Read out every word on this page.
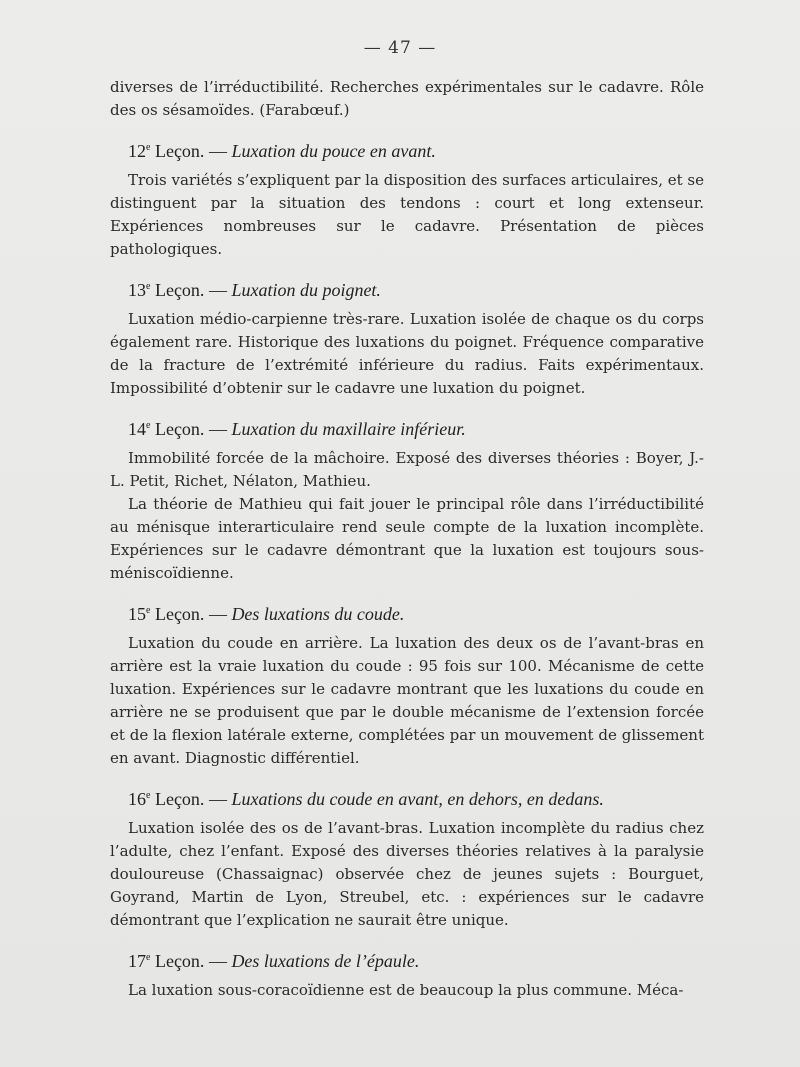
— 47 —

diverses de l’irréductibilité. Recherches expérimentales sur le cadavre. Rôle des os sésamoïdes. (Farabœuf.)

12e Leçon. — Luxation du pouce en avant.

Trois variétés s’expliquent par la disposition des surfaces articulaires, et se distinguent par la situation des tendons : court et long extenseur. Expériences nombreuses sur le cadavre. Présentation de pièces pathologiques.

13e Leçon. — Luxation du poignet.

Luxation médio-carpienne très-rare. Luxation isolée de chaque os du corps également rare. Historique des luxations du poignet. Fréquence comparative de la fracture de l’extrémité inférieure du radius. Faits expérimentaux. Impossibilité d’obtenir sur le cadavre une luxation du poignet.

14e Leçon. — Luxation du maxillaire inférieur.

Immobilité forcée de la mâchoire. Exposé des diverses théories : Boyer, J.-L. Petit, Richet, Nélaton, Mathieu.

La théorie de Mathieu qui fait jouer le principal rôle dans l’irréductibilité au ménisque interarticulaire rend seule compte de la luxation incomplète. Expériences sur le cadavre démontrant que la luxation est toujours sous-méniscoïdienne.

15e Leçon. — Des luxations du coude.

Luxation du coude en arrière. La luxation des deux os de l’avant-bras en arrière est la vraie luxation du coude : 95 fois sur 100. Mécanisme de cette luxation. Expériences sur le cadavre montrant que les luxations du coude en arrière ne se produisent que par le double mécanisme de l’extension forcée et de la flexion latérale externe, complétées par un mouvement de glissement en avant. Diagnostic différentiel.

16e Leçon. — Luxations du coude en avant, en dehors, en dedans.

Luxation isolée des os de l’avant-bras. Luxation incomplète du radius chez l’adulte, chez l’enfant. Exposé des diverses théories relatives à la paralysie douloureuse (Chassaignac) observée chez de jeunes sujets : Bourguet, Goyrand, Martin de Lyon, Streubel, etc. : expériences sur le cadavre démontrant que l’explication ne saurait être unique.

17e Leçon. — Des luxations de l’épaule.

La luxation sous-coracoïdienne est de beaucoup la plus commune. Méca-
